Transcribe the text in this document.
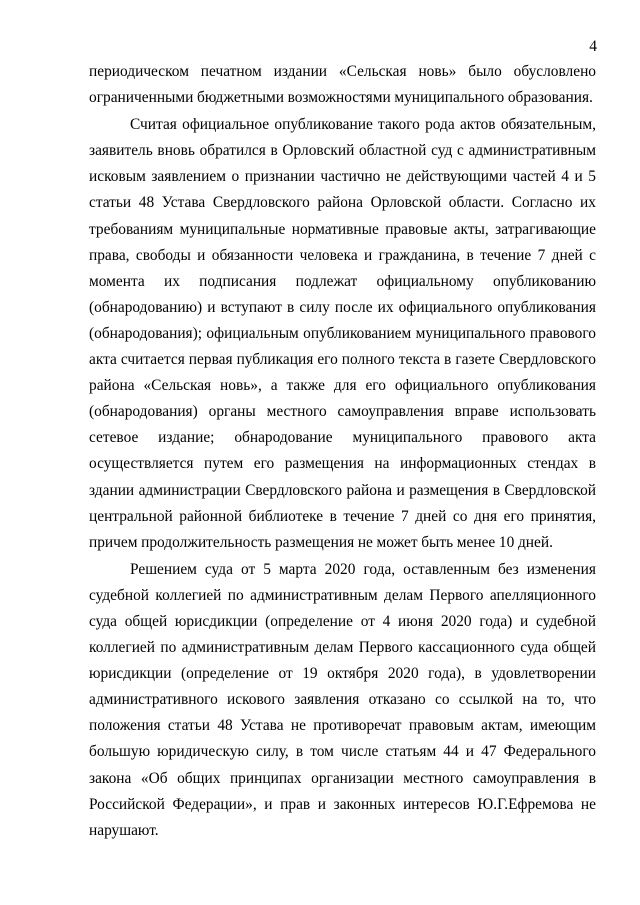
4

периодическом печатном издании «Сельская новь» было обусловлено ограниченными бюджетными возможностями муниципального образования.

Считая официальное опубликование такого рода актов обязательным, заявитель вновь обратился в Орловский областной суд с административным исковым заявлением о признании частично не действующими частей 4 и 5 статьи 48 Устава Свердловского района Орловской области. Согласно их требованиям муниципальные нормативные правовые акты, затрагивающие права, свободы и обязанности человека и гражданина, в течение 7 дней с момента их подписания подлежат официальному опубликованию (обнародованию) и вступают в силу после их официального опубликования (обнародования); официальным опубликованием муниципального правового акта считается первая публикация его полного текста в газете Свердловского района «Сельская новь», а также для его официального опубликования (обнародования) органы местного самоуправления вправе использовать сетевое издание; обнародование муниципального правового акта осуществляется путем его размещения на информационных стендах в здании администрации Свердловского района и размещения в Свердловской центральной районной библиотеке в течение 7 дней со дня его принятия, причем продолжительность размещения не может быть менее 10 дней.

Решением суда от 5 марта 2020 года, оставленным без изменения судебной коллегией по административным делам Первого апелляционного суда общей юрисдикции (определение от 4 июня 2020 года) и судебной коллегией по административным делам Первого кассационного суда общей юрисдикции (определение от 19 октября 2020 года), в удовлетворении административного искового заявления отказано со ссылкой на то, что положения статьи 48 Устава не противоречат правовым актам, имеющим большую юридическую силу, в том числе статьям 44 и 47 Федерального закона «Об общих принципах организации местного самоуправления в Российской Федерации», и прав и законных интересов Ю.Г.Ефремова не нарушают.
